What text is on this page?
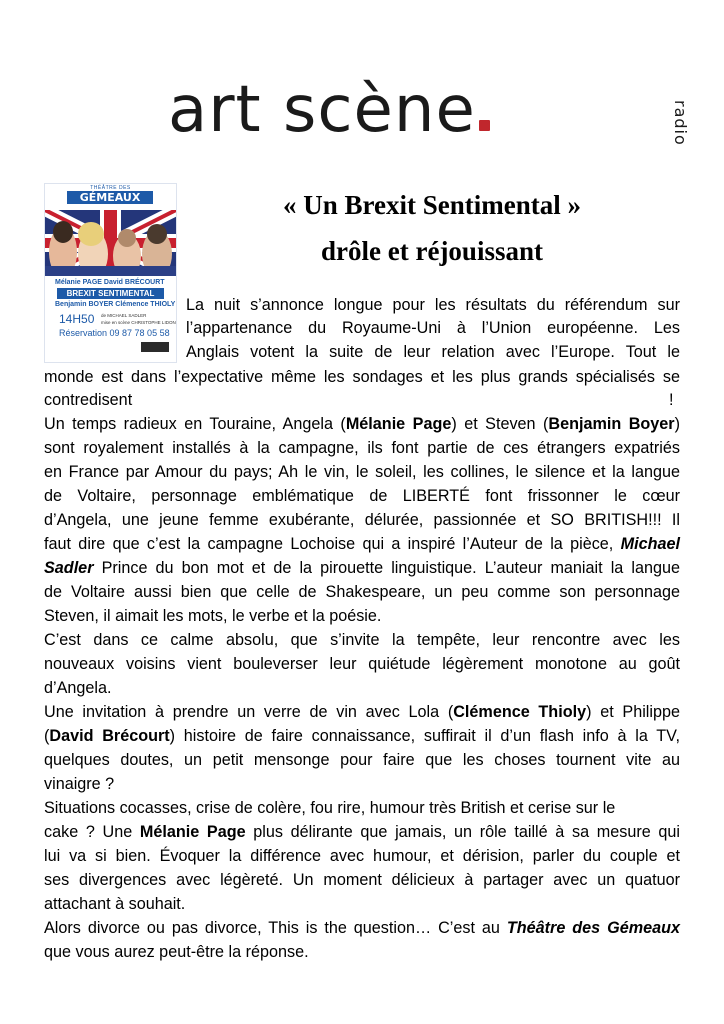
art scène	radio
THÉÂTRE DES
GÉMEAUX
Mélanie PAGE David BRÉCOURT
BREXIT SENTIMENTAL
Benjamin BOYER Clémence THIOLY
14H50 de MICHAEL SADLER
mise en scène CHRISTOPHE LIDON
Réservation 09 87 78 05 58
« Un Brexit Sentimental »
drôle et réjouissant
La nuit s’annonce longue pour les résultats du référendum sur
l’appartenance du Royaume-Uni à l’Union européenne. Les
Anglais votent la suite de leur relation avec l’Europe. Tout le
monde est dans l’expectative même les sondages et les plus grands spécialisés se
contredisent	!
Un temps radieux en Touraine, Angela (Mélanie Page) et Steven (Benjamin Boyer)
sont royalement installés à la campagne, ils font partie de ces étrangers expatriés
en France par Amour du pays; Ah le vin, le soleil, les collines, le silence et la langue
de Voltaire, personnage emblématique de LIBERTÉ font frissonner le cœur
d’Angela, une jeune femme exubérante, délurée, passionnée et SO BRITISH!!! Il
faut dire que c’est la campagne Lochoise qui a inspiré l’Auteur de la pièce, Michael
Sadler Prince du bon mot et de la pirouette linguistique. L’auteur maniait la langue
de Voltaire aussi bien que celle de Shakespeare, un peu comme son personnage
Steven, il aimait les mots, le verbe et la poésie.
C’est dans ce calme absolu, que s’invite la tempête, leur rencontre avec les
nouveaux voisins vient bouleverser leur quiétude légèrement monotone au goût
d’Angela.
Une invitation à prendre un verre de vin avec Lola (Clémence Thioly) et Philippe
(David Brécourt) histoire de faire connaissance, suffirait il d’un flash info à la TV,
quelques doutes, un petit mensonge pour faire que les choses tournent vite au
vinaigre ?
Situations cocasses, crise de colère, fou rire, humour très British et cerise sur le
cake ? Une Mélanie Page plus délirante que jamais, un rôle taillé à sa mesure qui
lui va si bien. Évoquer la différence avec humour, et dérision, parler du couple et
ses divergences avec légèreté. Un moment délicieux à partager avec un quatuor
attachant à souhait.
Alors divorce ou pas divorce, This is the question… C’est au Théâtre des Gémeaux
que vous aurez peut-être la réponse.
